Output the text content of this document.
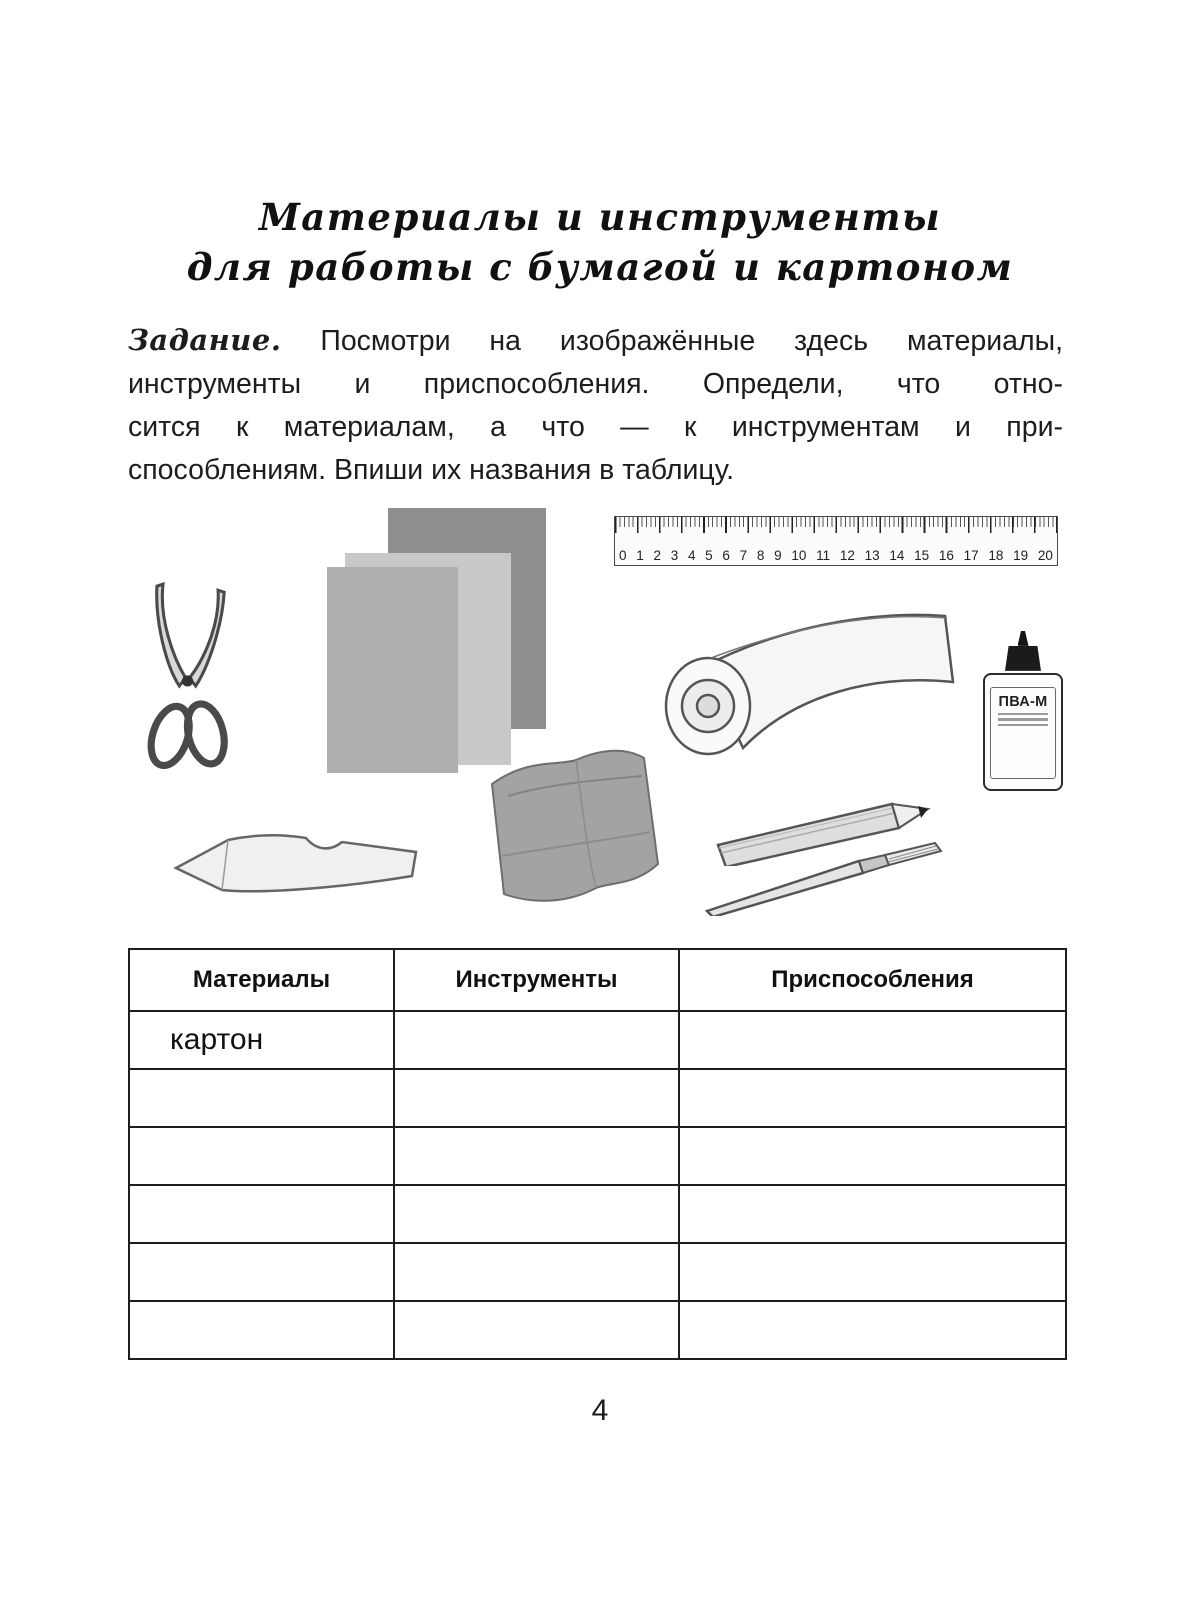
Материалы и инструменты
для работы с бумагой и картоном
Задание. Посмотри на изображённые здесь материалы,
инструменты и приспособления. Определи, что отно-
сится к материалам, а что — к инструментам и при-
способлениям. Впиши их названия в таблицу.
0 1 2 3 4 5 6 7 8 9 10 11 12 13 14 15 16 17 18 19 20
ПВА-М
Материалы	Инструменты	Приспособления
картон		

4
